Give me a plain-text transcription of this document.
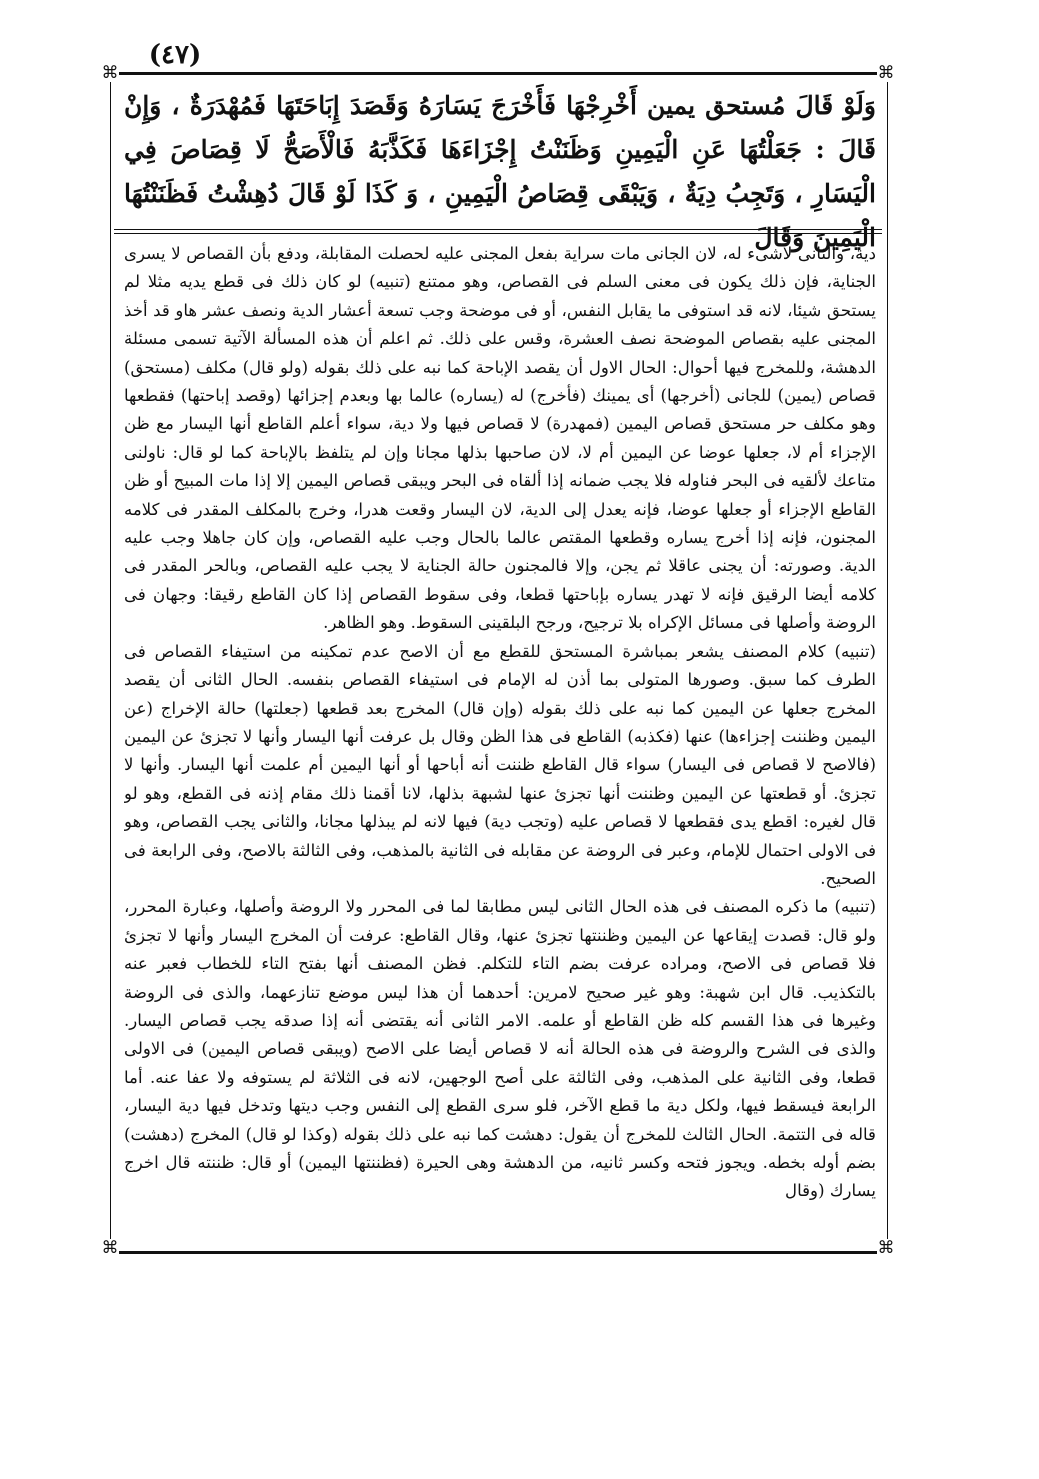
(٤٧)
⌘	⌘
⌘	⌘
وَلَوْ قَالَ مُستحق يمين أَخْرِجْهَا فَأَخْرَجَ يَسَارَهُ وَقَصَدَ إِبَاحَتَهَا فَمُهْدَرَةٌ ، وَإِنْ قَالَ : جَعَلْتُهَا عَنِ الْيَمِينِ وَظَنَنْتُ إِجْزَاءَهَا فَكَذَّبَهُ فَالْأَصَحُّ لَا قِصَاصَ فِي الْيَسَارِ ، وَتَجِبُ دِيَةٌ ، وَيَبْقَى قِصَاصُ الْيَمِينِ ، وَ كَذَا لَوْ قَالَ دُهِشْتُ فَظَنَنْتُهَا الْيَمِينَ وَقَالَ

دية، والثانى لاشىء له، لان الجانى مات سراية بفعل المجنى عليه لحصلت المقابلة، ودفع بأن القصاص لا يسرى الجناية، فإن ذلك يكون فى معنى السلم فى القصاص، وهو ممتنع (تنبيه) لو كان ذلك فى قطع يديه مثلا لم يستحق شيئا، لانه قد استوفى ما يقابل النفس، أو فى موضحة وجب تسعة أعشار الدية ونصف عشر هاو قد أخذ المجنى عليه بقصاص الموضحة نصف العشرة، وقس على ذلك. ثم اعلم أن هذه المسألة الآتية تسمى مسئلة الدهشة، وللمخرج فيها أحوال: الحال الاول أن يقصد الإباحة كما نبه على ذلك بقوله (ولو قال) مكلف (مستحق) قصاص (يمين) للجانى (أخرجها) أى يمينك (فأخرج) له (يساره) عالما بها وبعدم إجزائها (وقصد إباحتها) فقطعها وهو مكلف حر مستحق قصاص اليمين (فمهدرة) لا قصاص فيها ولا دية، سواء أعلم القاطع أنها اليسار مع ظن الإجزاء أم لا، جعلها عوضا عن اليمين أم لا، لان صاحبها بذلها مجانا وإن لم يتلفظ بالإباحة كما لو قال: ناولنى متاعك لألقيه فى البحر فناوله فلا يجب ضمانه إذا ألقاه فى البحر ويبقى قصاص اليمين إلا إذا مات المبيح أو ظن القاطع الإجزاء أو جعلها عوضا، فإنه يعدل إلى الدية، لان اليسار وقعت هدرا، وخرج بالمكلف المقدر فى كلامه المجنون، فإنه إذا أخرج يساره وقطعها المقتص عالما بالحال وجب عليه القصاص، وإن كان جاهلا وجب عليه الدية. وصورته: أن يجنى عاقلا ثم يجن، وإلا فالمجنون حالة الجناية لا يجب عليه القصاص، وبالحر المقدر فى كلامه أيضا الرقيق فإنه لا تهدر يساره بإباحتها قطعا، وفى سقوط القصاص إذا كان القاطع رقيقا: وجهان فى الروضة وأصلها فى مسائل الإكراه بلا ترجيح، ورجح البلقينى السقوط. وهو الظاهر.

(تنبيه) كلام المصنف يشعر بمباشرة المستحق للقطع مع أن الاصح عدم تمكينه من استيفاء القصاص فى الطرف كما سبق. وصورها المتولى بما أذن له الإمام فى استيفاء القصاص بنفسه. الحال الثانى أن يقصد المخرج جعلها عن اليمين كما نبه على ذلك بقوله (وإن قال) المخرج بعد قطعها (جعلتها) حالة الإخراج (عن اليمين وظننت إجزاءها) عنها (فكذبه) القاطع فى هذا الظن وقال بل عرفت أنها اليسار وأنها لا تجزئ عن اليمين (فالاصح لا قصاص فى اليسار) سواء قال القاطع ظننت أنه أباحها أو أنها اليمين أم علمت أنها اليسار. وأنها لا تجزئ. أو قطعتها عن اليمين وظننت أنها تجزئ عنها لشبهة بذلها، لانا أقمنا ذلك مقام إذنه فى القطع، وهو لو قال لغيره: اقطع يدى فقطعها لا قصاص عليه (وتجب دية) فيها لانه لم يبذلها مجانا، والثانى يجب القصاص، وهو فى الاولى احتمال للإمام، وعبر فى الروضة عن مقابله فى الثانية بالمذهب، وفى الثالثة بالاصح، وفى الرابعة فى الصحيح.

(تنبيه) ما ذكره المصنف فى هذه الحال الثانى ليس مطابقا لما فى المحرر ولا الروضة وأصلها، وعبارة المحرر، ولو قال: قصدت إيقاعها عن اليمين وظننتها تجزئ عنها، وقال القاطع: عرفت أن المخرج اليسار وأنها لا تجزئ فلا قصاص فى الاصح، ومراده عرفت بضم التاء للتكلم. فظن المصنف أنها بفتح التاء للخطاب فعبر عنه بالتكذيب. قال ابن شهبة: وهو غير صحيح لامرين: أحدهما أن هذا ليس موضع تنازعهما، والذى فى الروضة وغيرها فى هذا القسم كله ظن القاطع أو علمه. الامر الثانى أنه يقتضى أنه إذا صدقه يجب قصاص اليسار. والذى فى الشرح والروضة فى هذه الحالة أنه لا قصاص أيضا على الاصح (ويبقى قصاص اليمين) فى الاولى قطعا، وفى الثانية على المذهب، وفى الثالثة على أصح الوجهين، لانه فى الثلاثة لم يستوفه ولا عفا عنه. أما الرابعة فيسقط فيها، ولكل دية ما قطع الآخر، فلو سرى القطع إلى النفس وجب ديتها وتدخل فيها دية اليسار، قاله فى التتمة. الحال الثالث للمخرج أن يقول: دهشت كما نبه على ذلك بقوله (وكذا لو قال) المخرج (دهشت) بضم أوله بخطه. ويجوز فتحه وكسر ثانيه، من الدهشة وهى الحيرة (فظننتها اليمين) أو قال: ظننته قال اخرج يسارك (وقال
